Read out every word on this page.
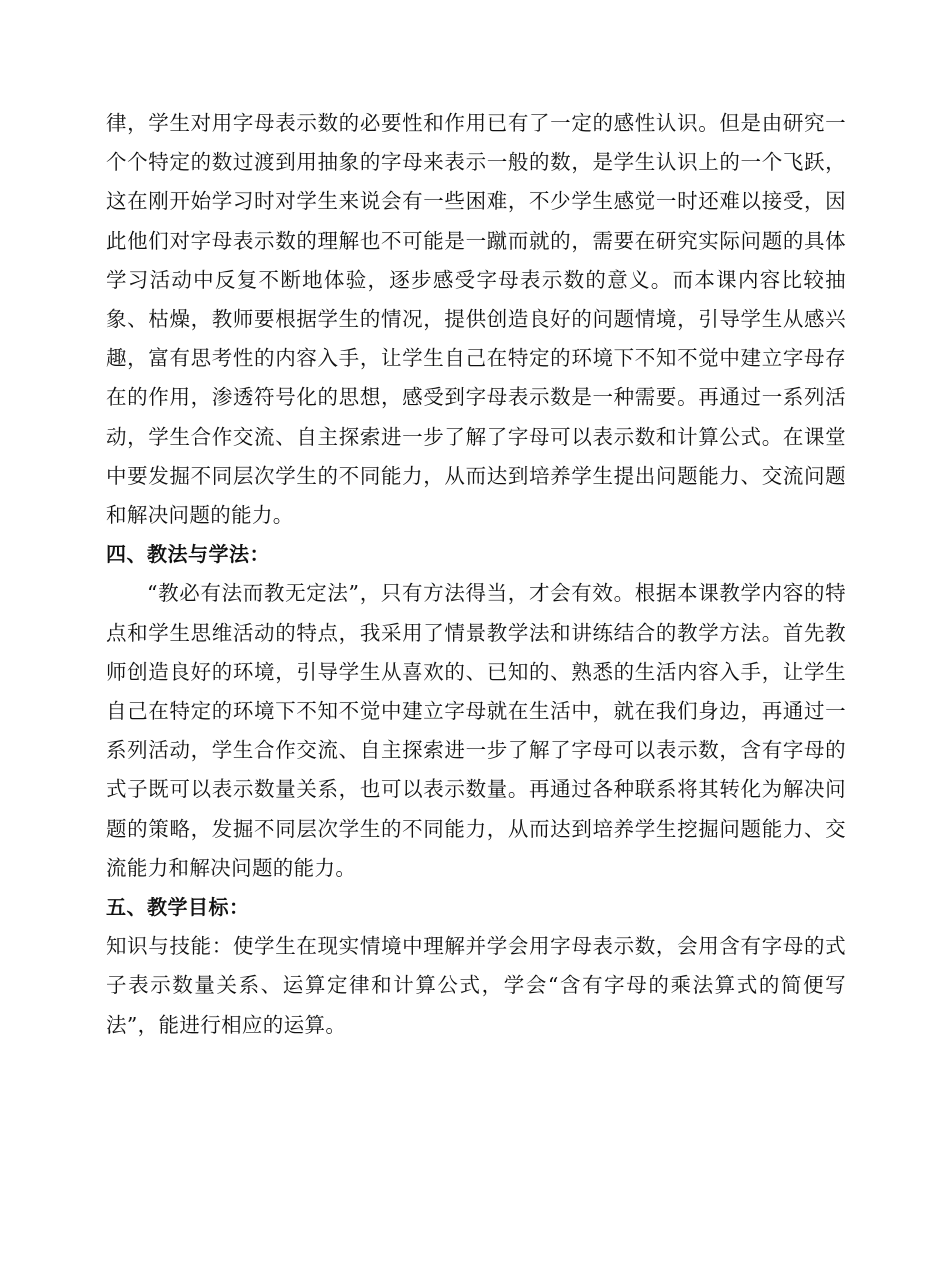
律，学生对用字母表示数的必要性和作用已有了一定的感性认识。但是由研究一个个特定的数过渡到用抽象的字母来表示一般的数，是学生认识上的一个飞跃，这在刚开始学习时对学生来说会有一些困难，不少学生感觉一时还难以接受，因此他们对字母表示数的理解也不可能是一蹴而就的，需要在研究实际问题的具体学习活动中反复不断地体验，逐步感受字母表示数的意义。而本课内容比较抽象、枯燥，教师要根据学生的情况，提供创造良好的问题情境，引导学生从感兴趣，富有思考性的内容入手，让学生自己在特定的环境下不知不觉中建立字母存在的作用，渗透符号化的思想，感受到字母表示数是一种需要。再通过一系列活动，学生合作交流、自主探索进一步了解了字母可以表示数和计算公式。在课堂中要发掘不同层次学生的不同能力，从而达到培养学生提出问题能力、交流问题和解决问题的能力。

四、教法与学法：

“教必有法而教无定法”，只有方法得当，才会有效。根据本课教学内容的特点和学生思维活动的特点，我采用了情景教学法和讲练结合的教学方法。首先教师创造良好的环境，引导学生从喜欢的、已知的、熟悉的生活内容入手，让学生自己在特定的环境下不知不觉中建立字母就在生活中，就在我们身边，再通过一系列活动，学生合作交流、自主探索进一步了解了字母可以表示数，含有字母的式子既可以表示数量关系，也可以表示数量。再通过各种联系将其转化为解决问题的策略，发掘不同层次学生的不同能力，从而达到培养学生挖掘问题能力、交流能力和解决问题的能力。

五、教学目标：

知识与技能：使学生在现实情境中理解并学会用字母表示数，会用含有字母的式子表示数量关系、运算定律和计算公式，学会“含有字母的乘法算式的简便写法”，能进行相应的运算。
